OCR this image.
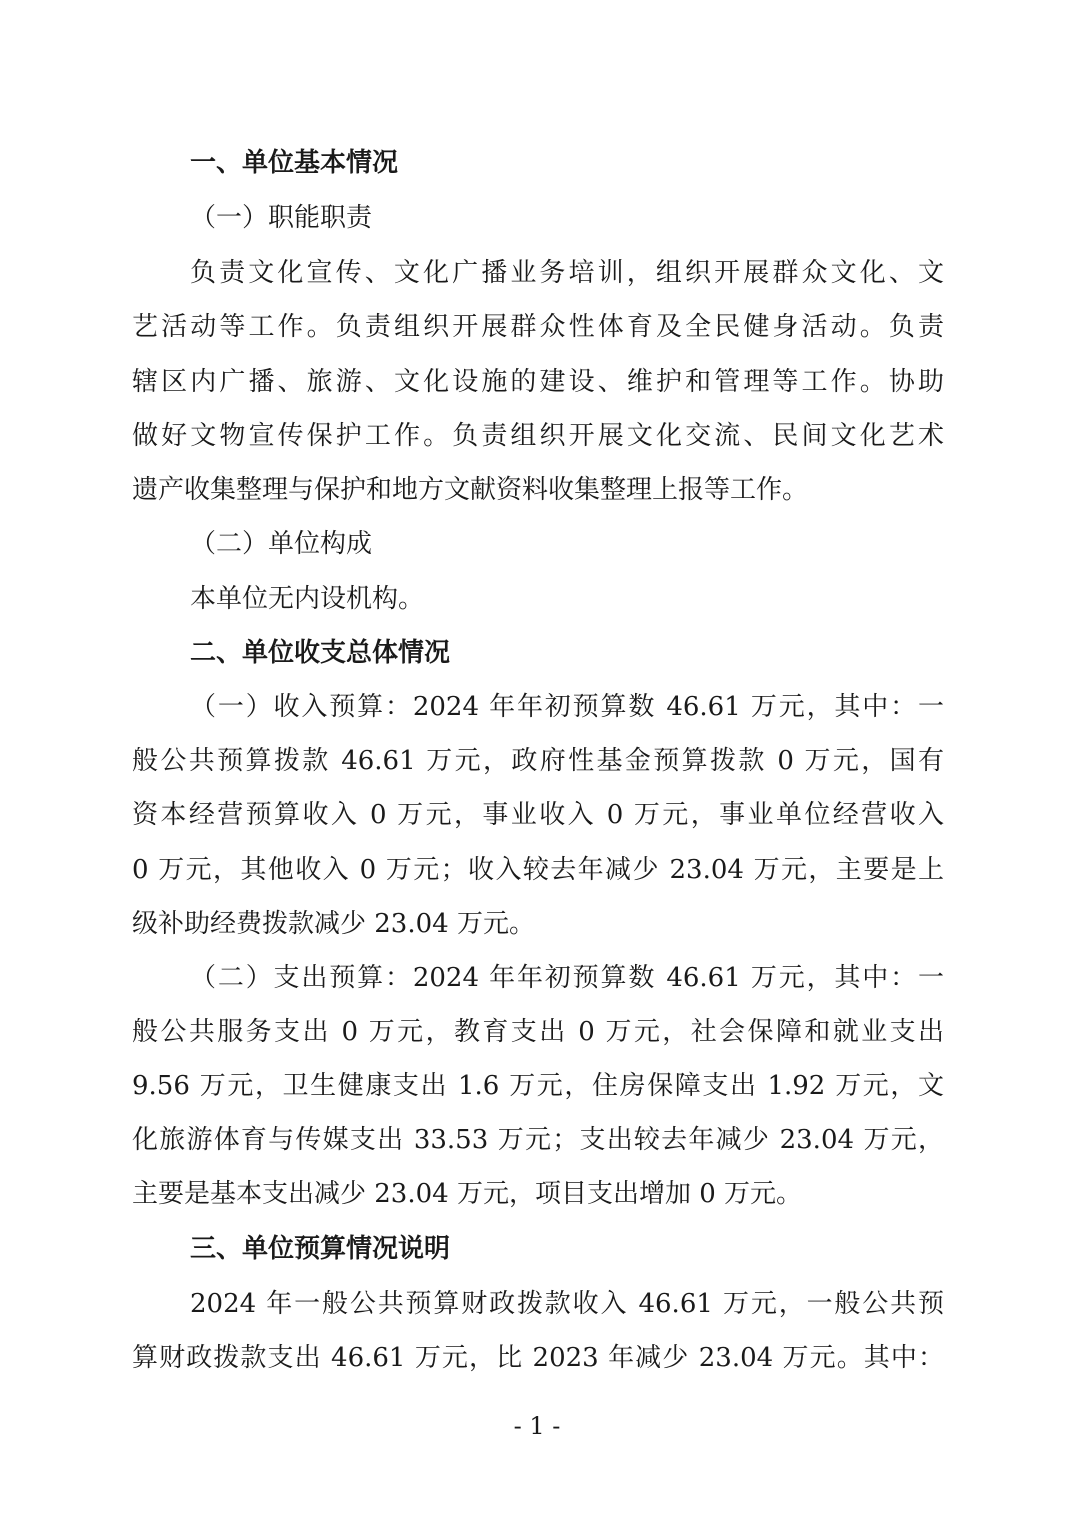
一、单位基本情况
（一）职能职责
负责文化宣传、文化广播业务培训，组织开展群众文化、文
艺活动等工作。负责组织开展群众性体育及全民健身活动。负责
辖区内广播、旅游、文化设施的建设、维护和管理等工作。协助
做好文物宣传保护工作。负责组织开展文化交流、民间文化艺术
遗产收集整理与保护和地方文献资料收集整理上报等工作。
（二）单位构成
本单位无内设机构。
二、单位收支总体情况
（一）收入预算：2024 年年初预算数 46.61 万元，其中：一
般公共预算拨款 46.61 万元，政府性基金预算拨款 0 万元，国有
资本经营预算收入 0 万元，事业收入 0 万元，事业单位经营收入
0 万元，其他收入 0 万元；收入较去年减少 23.04 万元，主要是上
级补助经费拨款减少 23.04 万元。
（二）支出预算：2024 年年初预算数 46.61 万元，其中：一
般公共服务支出 0 万元，教育支出 0 万元，社会保障和就业支出
9.56 万元，卫生健康支出 1.6 万元，住房保障支出 1.92 万元，文
化旅游体育与传媒支出 33.53 万元；支出较去年减少 23.04 万元，
主要是基本支出减少 23.04 万元，项目支出增加 0 万元。
三、单位预算情况说明
2024 年一般公共预算财政拨款收入 46.61 万元，一般公共预
算财政拨款支出 46.61 万元，比 2023 年减少 23.04 万元。其中：
- 1 -
